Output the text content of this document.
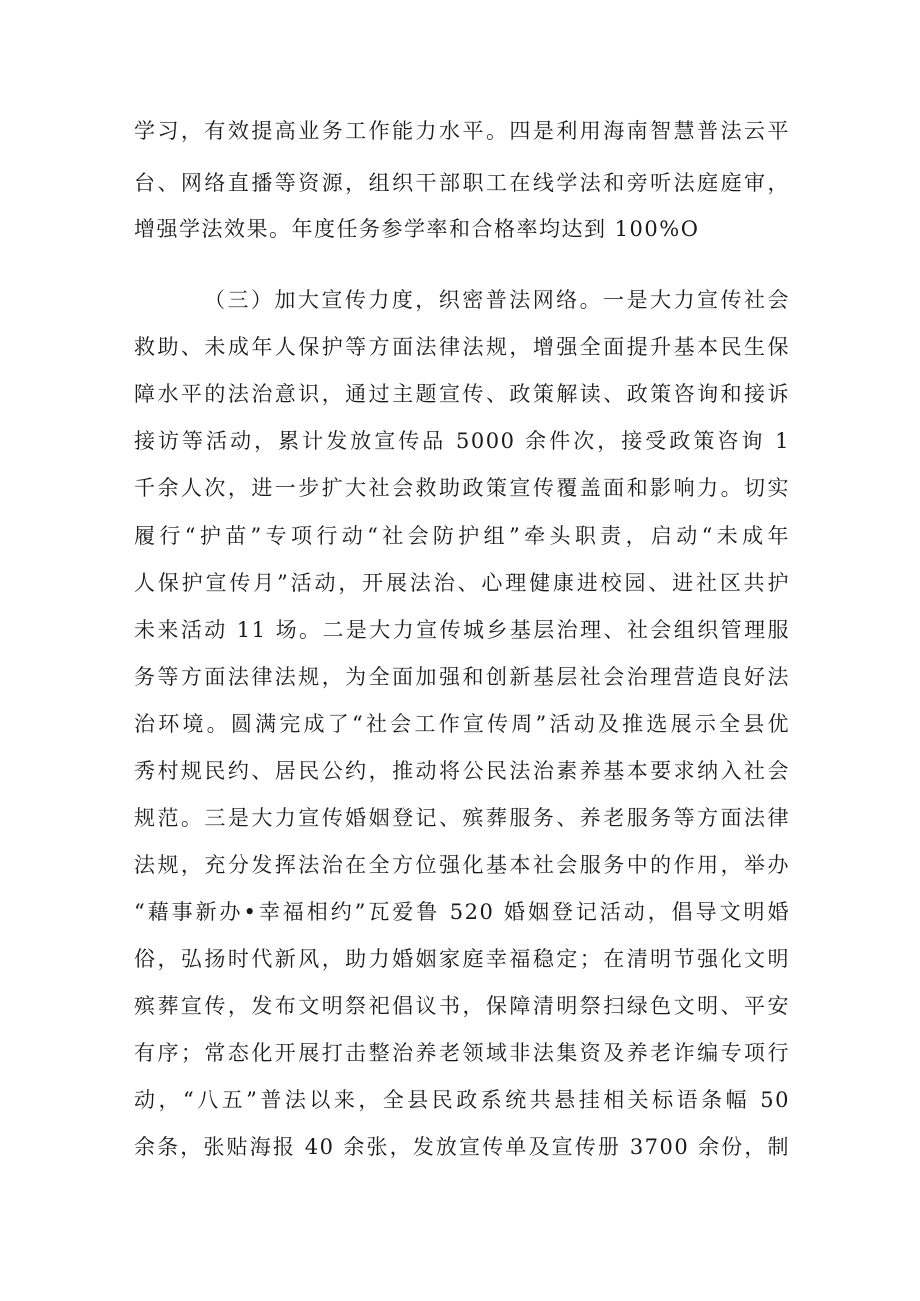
学习，有效提高业务工作能力水平。四是利用海南智慧普法云平
台、网络直播等资源，组织干部职工在线学法和旁听法庭庭审，
增强学法效果。年度任务参学率和合格率均达到 100%O
（三）加大宣传力度，织密普法网络。一是大力宣传社会
救助、未成年人保护等方面法律法规，增强全面提升基本民生保
障水平的法治意识，通过主题宣传、政策解读、政策咨询和接诉
接访等活动，累计发放宣传品 5000 余件次，接受政策咨询 1
千余人次，进一步扩大社会救助政策宣传覆盖面和影响力。切实
履行“护苗”专项行动“社会防护组”牵头职责，启动“未成年
人保护宣传月”活动，开展法治、心理健康进校园、进社区共护
未来活动 11 场。二是大力宣传城乡基层治理、社会组织管理服
务等方面法律法规，为全面加强和创新基层社会治理营造良好法
治环境。圆满完成了“社会工作宣传周”活动及推选展示全县优
秀村规民约、居民公约，推动将公民法治素养基本要求纳入社会
规范。三是大力宣传婚姻登记、殡葬服务、养老服务等方面法律
法规，充分发挥法治在全方位强化基本社会服务中的作用，举办
“藉事新办•幸福相约”瓦爱鲁 520 婚姻登记活动，倡导文明婚
俗，弘扬时代新风，助力婚姻家庭幸福稳定；在清明节强化文明
殡葬宣传，发布文明祭祀倡议书，保障清明祭扫绿色文明、平安
有序；常态化开展打击整治养老领域非法集资及养老诈编专项行
动，“八五”普法以来，全县民政系统共悬挂相关标语条幅 50
余条，张贴海报 40 余张，发放宣传单及宣传册 3700 余份，制
